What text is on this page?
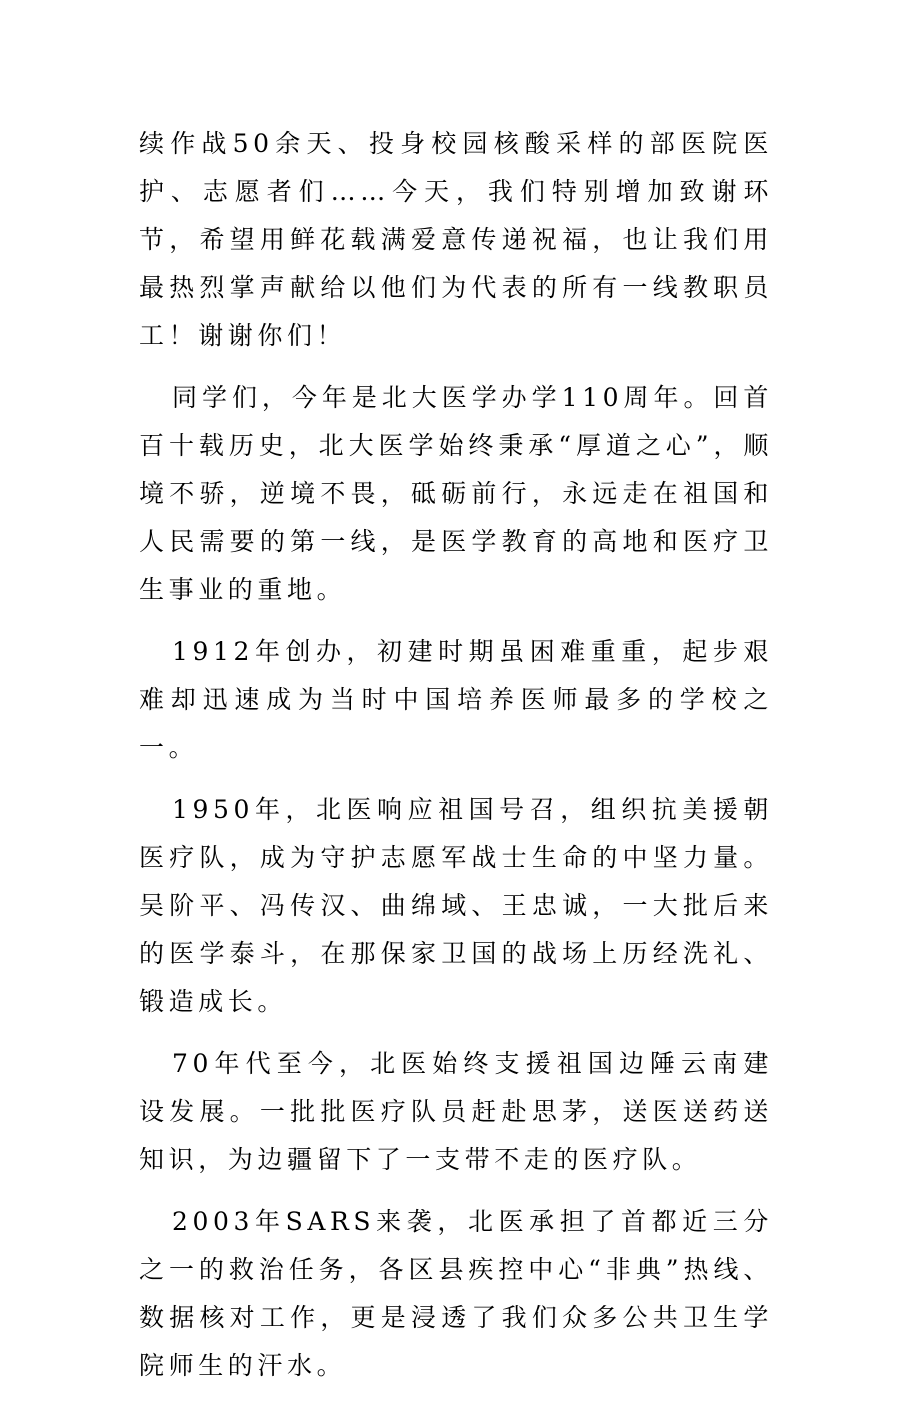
续作战50余天、投身校园核酸采样的部医院医护、志愿者们……今天，我们特别增加致谢环节，希望用鲜花载满爱意传递祝福，也让我们用最热烈掌声献给以他们为代表的所有一线教职员工！谢谢你们！

同学们，今年是北大医学办学110周年。回首百十载历史，北大医学始终秉承“厚道之心”，顺境不骄，逆境不畏，砥砺前行，永远走在祖国和人民需要的第一线，是医学教育的高地和医疗卫生事业的重地。

1912年创办，初建时期虽困难重重，起步艰难却迅速成为当时中国培养医师最多的学校之一。

1950年，北医响应祖国号召，组织抗美援朝医疗队，成为守护志愿军战士生命的中坚力量。吴阶平、冯传汉、曲绵域、王忠诚，一大批后来的医学泰斗，在那保家卫国的战场上历经洗礼、锻造成长。

70年代至今，北医始终支援祖国边陲云南建设发展。一批批医疗队员赶赴思茅，送医送药送知识，为边疆留下了一支带不走的医疗队。

2003年SARS来袭，北医承担了首都近三分之一的救治任务，各区县疾控中心“非典”热线、数据核对工作，更是浸透了我们众多公共卫生学院师生的汗水。
